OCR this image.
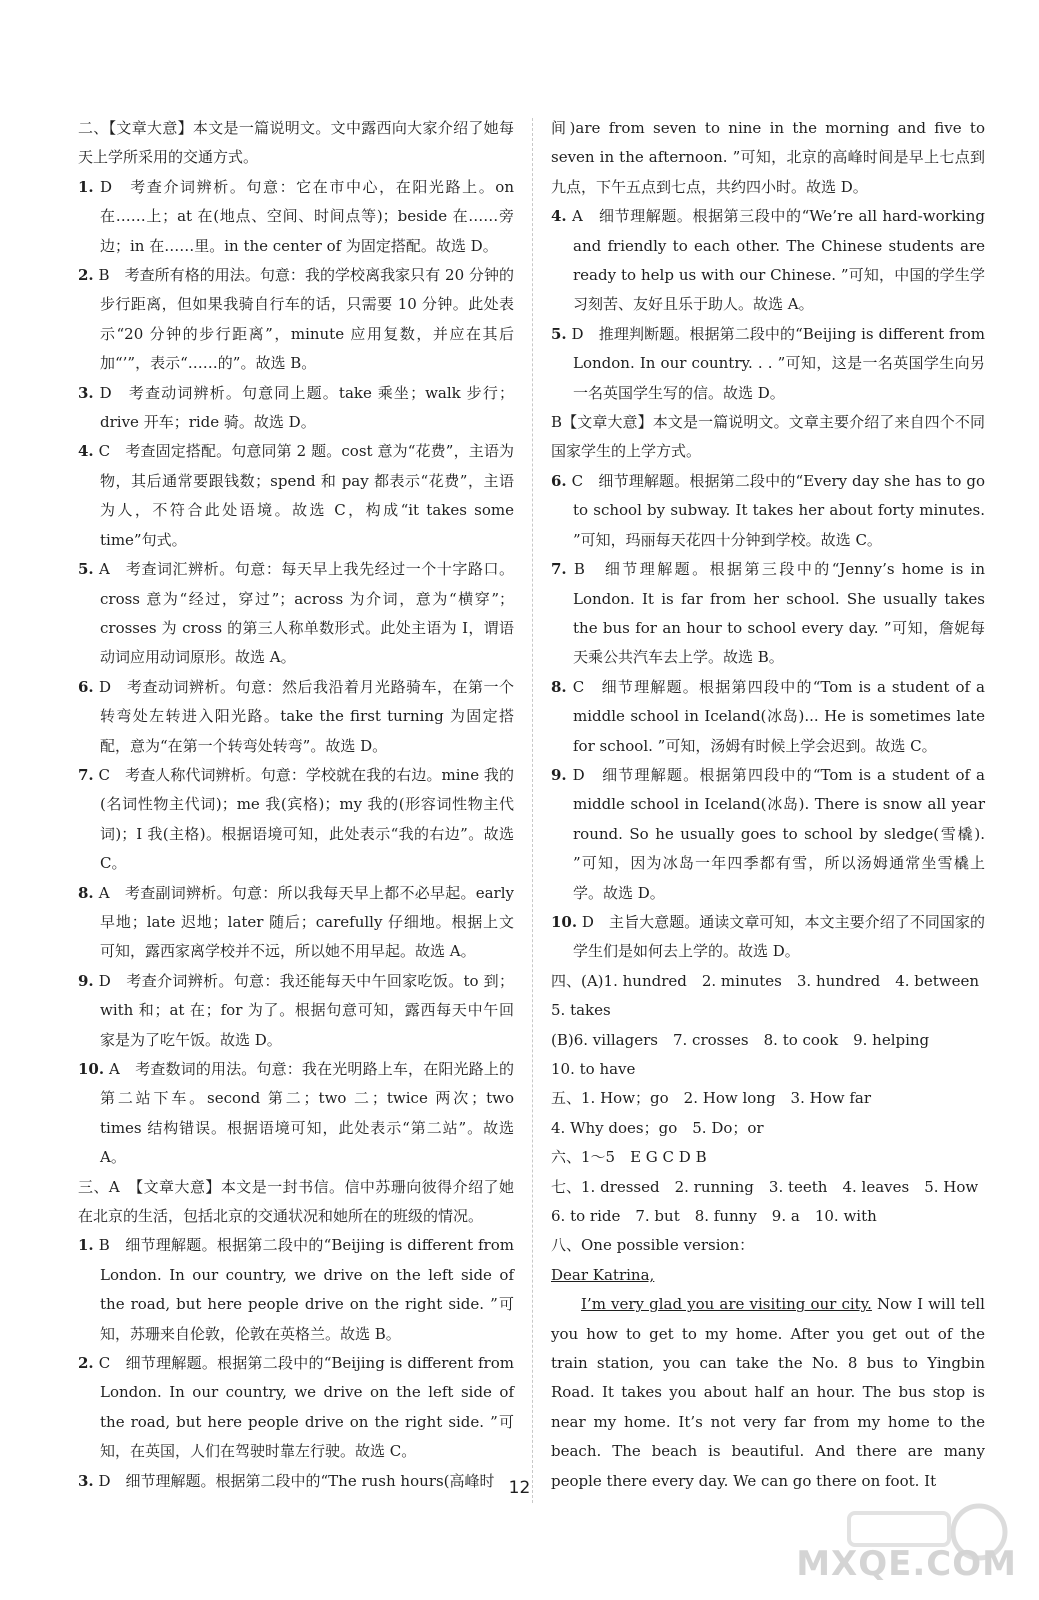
二、【文章大意】本文是一篇说明文。文中露西向大家介绍了她每天上学所采用的交通方式。

1. D　考查介词辨析。句意：它在市中心，在阳光路上。on 在……上；at 在(地点、空间、时间点等)；beside 在……旁边；in 在……里。in the center of 为固定搭配。故选 D。

2. B　考查所有格的用法。句意：我的学校离我家只有 20 分钟的步行距离，但如果我骑自行车的话，只需要 10 分钟。此处表示“20 分钟的步行距离”，minute 应用复数，并应在其后加“’”，表示“……的”。故选 B。

3. D　考查动词辨析。句意同上题。take 乘坐；walk 步行；drive 开车；ride 骑。故选 D。

4. C　考查固定搭配。句意同第 2 题。cost 意为“花费”，主语为物，其后通常要跟钱数；spend 和 pay 都表示“花费”，主语为人，不符合此处语境。故选 C，构成“it takes some time”句式。

5. A　考查词汇辨析。句意：每天早上我先经过一个十字路口。cross 意为“经过，穿过”；across 为介词，意为“横穿”；crosses 为 cross 的第三人称单数形式。此处主语为 I，谓语动词应用动词原形。故选 A。

6. D　考查动词辨析。句意：然后我沿着月光路骑车，在第一个转弯处左转进入阳光路。take the first turning 为固定搭配，意为“在第一个转弯处转弯”。故选 D。

7. C　考查人称代词辨析。句意：学校就在我的右边。mine 我的(名词性物主代词)；me 我(宾格)；my 我的(形容词性物主代词)；I 我(主格)。根据语境可知，此处表示“我的右边”。故选 C。

8. A　考查副词辨析。句意：所以我每天早上都不必早起。early 早地；late 迟地；later 随后；carefully 仔细地。根据上文可知，露西家离学校并不远，所以她不用早起。故选 A。

9. D　考查介词辨析。句意：我还能每天中午回家吃饭。to 到；with 和；at 在；for 为了。根据句意可知，露西每天中午回家是为了吃午饭。故选 D。

10. A　考查数词的用法。句意：我在光明路上车，在阳光路上的第二站下车。second 第二；two 二；twice 两次；two times 结构错误。根据语境可知，此处表示“第二站”。故选 A。

三、A　【文章大意】本文是一封书信。信中苏珊向彼得介绍了她在北京的生活，包括北京的交通状况和她所在的班级的情况。

1. B　细节理解题。根据第二段中的“Beijing is different from London. In our country, we drive on the left side of the road, but here people drive on the right side. ”可知，苏珊来自伦敦，伦敦在英格兰。故选 B。

2. C　细节理解题。根据第二段中的“Beijing is different from London. In our country, we drive on the left side of the road, but here people drive on the right side. ”可知，在英国，人们在驾驶时靠左行驶。故选 C。

3. D　细节理解题。根据第二段中的“The rush hours(高峰时

间)are from seven to nine in the morning and five to seven in the afternoon. ”可知，北京的高峰时间是早上七点到九点，下午五点到七点，共约四小时。故选 D。

4. A　细节理解题。根据第三段中的“We’re all hard-working and friendly to each other. The Chinese students are ready to help us with our Chinese. ”可知，中国的学生学习刻苦、友好且乐于助人。故选 A。

5. D　推理判断题。根据第二段中的“Beijing is different from London. In our country. . . ”可知，这是一名英国学生向另一名英国学生写的信。故选 D。

B【文章大意】本文是一篇说明文。文章主要介绍了来自四个不同国家学生的上学方式。

6. C　细节理解题。根据第二段中的“Every day she has to go to school by subway. It takes her about forty minutes. ”可知，玛丽每天花四十分钟到学校。故选 C。

7. B　细节理解题。根据第三段中的“Jenny’s home is in London. It is far from her school. She usually takes the bus for an hour to school every day. ”可知，詹妮每天乘公共汽车去上学。故选 B。

8. C　细节理解题。根据第四段中的“Tom is a student of a middle school in Iceland(冰岛)... He is sometimes late for school. ”可知，汤姆有时候上学会迟到。故选 C。

9. D　细节理解题。根据第四段中的“Tom is a student of a middle school in Iceland(冰岛). There is snow all year round. So he usually goes to school by sledge(雪橇). ”可知，因为冰岛一年四季都有雪，所以汤姆通常坐雪橇上学。故选 D。

10. D　主旨大意题。通读文章可知，本文主要介绍了不同国家的学生们是如何去上学的。故选 D。

四、(A)1. hundred　2. minutes　3. hundred　4. between

5. takes

(B)6. villagers　7. crosses　8. to cook　9. helping

10. to have

五、1. How；go　2. How long　3. How far

4. Why does；go　5. Do；or

六、1～5　E G C D B

七、1. dressed　2. running　3. teeth　4. leaves　5. How

6. to ride　7. but　8. funny　9. a　10. with

八、One possible version：

Dear Katrina,

I’m very glad you are visiting our city. Now I will tell you how to get to my home. After you get out of the train station, you can take the No. 8 bus to Yingbin Road. It takes you about half an hour. The bus stop is near my home. It’s not very far from my home to the beach. The beach is beautiful. And there are many people there every day. We can go there on foot. It

12
MXQE.COM
